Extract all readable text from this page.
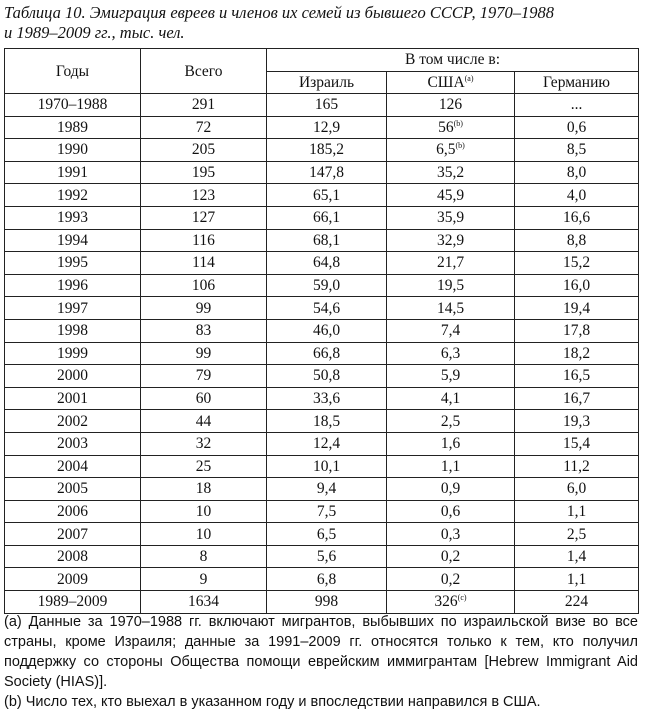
Таблица 10. Эмиграция евреев и членов их семей из бывшего СССР, 1970–1988
и 1989–2009 гг., тыс. чел.
Годы	Всего	В том числе в:		
		Израиль	США$^{(a)}$	Германию
1970–1988	291	165	126	...
1989	72	12,9	56$^{(b)}$	0,6
1990	205	185,2	6,5$^{(b)}$	8,5
1991	195	147,8	35,2	8,0
1992	123	65,1	45,9	4,0
1993	127	66,1	35,9	16,6
1994	116	68,1	32,9	8,8
1995	114	64,8	21,7	15,2
1996	106	59,0	19,5	16,0
1997	99	54,6	14,5	19,4
1998	83	46,0	7,4	17,8
1999	99	66,8	6,3	18,2
2000	79	50,8	5,9	16,5
2001	60	33,6	4,1	16,7
2002	44	18,5	2,5	19,3
2003	32	12,4	1,6	15,4
2004	25	10,1	1,1	11,2
2005	18	9,4	0,9	6,0
2006	10	7,5	0,6	1,1
2007	10	6,5	0,3	2,5
2008	8	5,6	0,2	1,4
2009	9	6,8	0,2	1,1
1989–2009	1634	998	326$^{(c)}$	224

(a) Данные за 1970–1988 гг. включают мигрантов, выбывших по израильской визе во все страны, кроме Израиля; данные за 1991–2009 гг. относятся только к тем, кто получил поддержку со стороны Общества помощи еврейским иммигрантам [Hebrew Immigrant Aid Society (HIAS)].

(b) Число тех, кто выехал в указанном году и впоследствии направился в США.
